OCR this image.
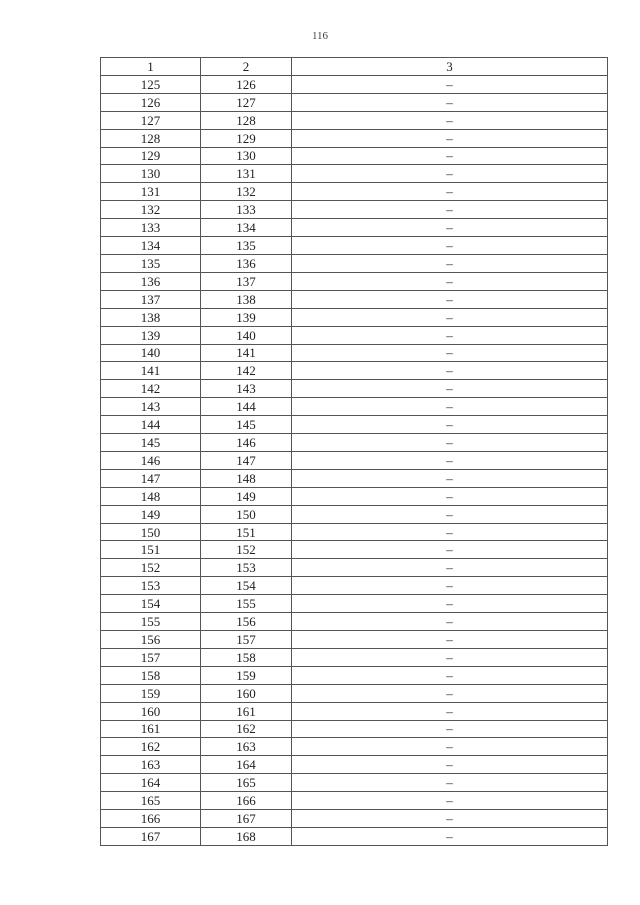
116
1	2	3
125	126	–
126	127	–
127	128	–
128	129	–
129	130	–
130	131	–
131	132	–
132	133	–
133	134	–
134	135	–
135	136	–
136	137	–
137	138	–
138	139	–
139	140	–
140	141	–
141	142	–
142	143	–
143	144	–
144	145	–
145	146	–
146	147	–
147	148	–
148	149	–
149	150	–
150	151	–
151	152	–
152	153	–
153	154	–
154	155	–
155	156	–
156	157	–
157	158	–
158	159	–
159	160	–
160	161	–
161	162	–
162	163	–
163	164	–
164	165	–
165	166	–
166	167	–
167	168	–
